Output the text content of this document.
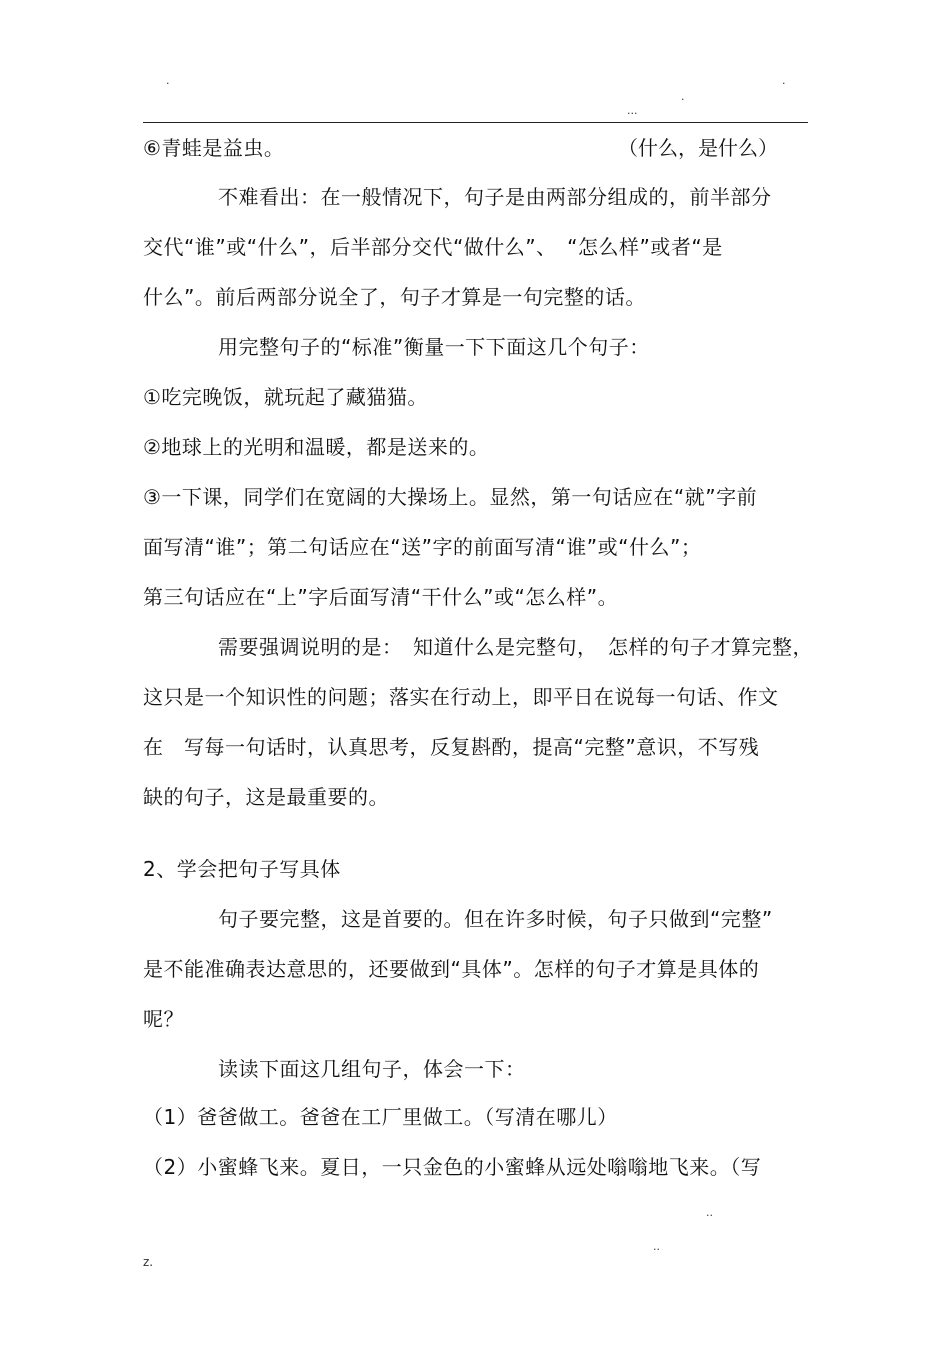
.	.
.
...
⑥青蛙是益虫。	（什么，是什么）
不难看出：在一般情况下，句子是由两部分组成的，前半部分
交代“谁”或“什么”，后半部分交代“做什么”、　“怎么样”或者“是
什么”。前后两部分说全了，句子才算是一句完整的话。
用完整句子的“标准”衡量一下下面这几个句子：
①吃完晚饭，就玩起了藏猫猫。
②地球上的光明和温暖，都是送来的。
③一下课，同学们在宽阔的大操场上。显然，第一句话应在“就”字前
面写清“谁”；第二句话应在“送”字的前面写清“谁”或“什么”；
第三句话应在“上”字后面写清“干什么”或“怎么样”。
需要强调说明的是：　知道什么是完整句，　怎样的句子才算完整，
这只是一个知识性的问题；落实在行动上，即平日在说每一句话、作文
在　写每一句话时，认真思考，反复斟酌，提高“完整”意识，不写残
缺的句子，这是最重要的。
2、学会把句子写具体
句子要完整，这是首要的。但在许多时候，句子只做到“完整”
是不能准确表达意思的，还要做到“具体”。怎样的句子才算是具体的
呢？
读读下面这几组句子，体会一下：
（1）爸爸做工。爸爸在工厂里做工。（写清在哪儿）
（2）小蜜蜂飞来。夏日，一只金色的小蜜蜂从远处嗡嗡地飞来。（写
..
..
z.
